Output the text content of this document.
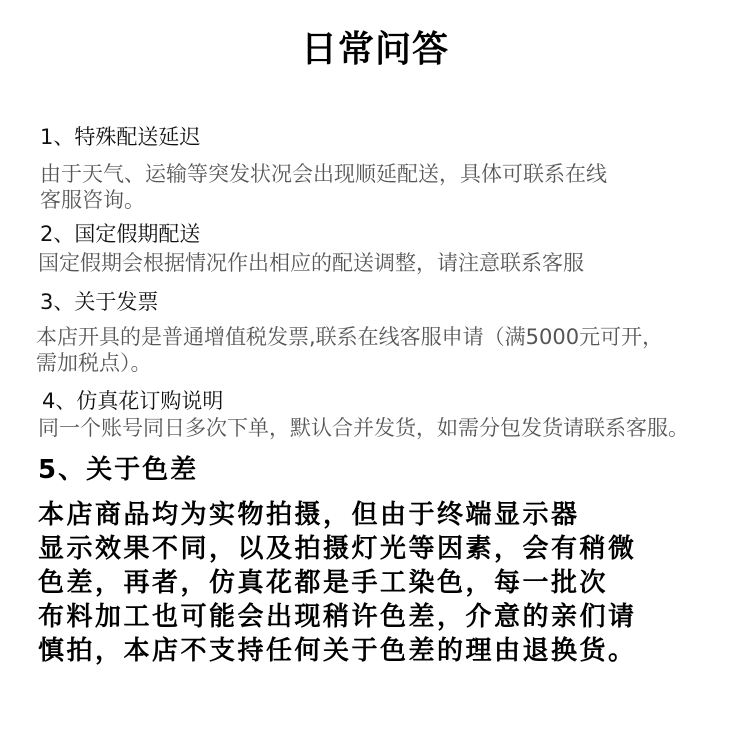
日常问答
1、特殊配送延迟
由于天气、运输等突发状况会出现顺延配送，具体可联系在线
客服咨询。
2、国定假期配送
国定假期会根据情况作出相应的配送调整，请注意联系客服
3、关于发票
本店开具的是普通增值税发票,联系在线客服申请（满5000元可开，
需加税点）。
4、仿真花订购说明
同一个账号同日多次下单，默认合并发货，如需分包发货请联系客服。
5、关于色差
本店商品均为实物拍摄，但由于终端显示器
显示效果不同，以及拍摄灯光等因素，会有稍微
色差，再者，仿真花都是手工染色，每一批次
布料加工也可能会出现稍许色差，介意的亲们请
慎拍，本店不支持任何关于色差的理由退换货。
